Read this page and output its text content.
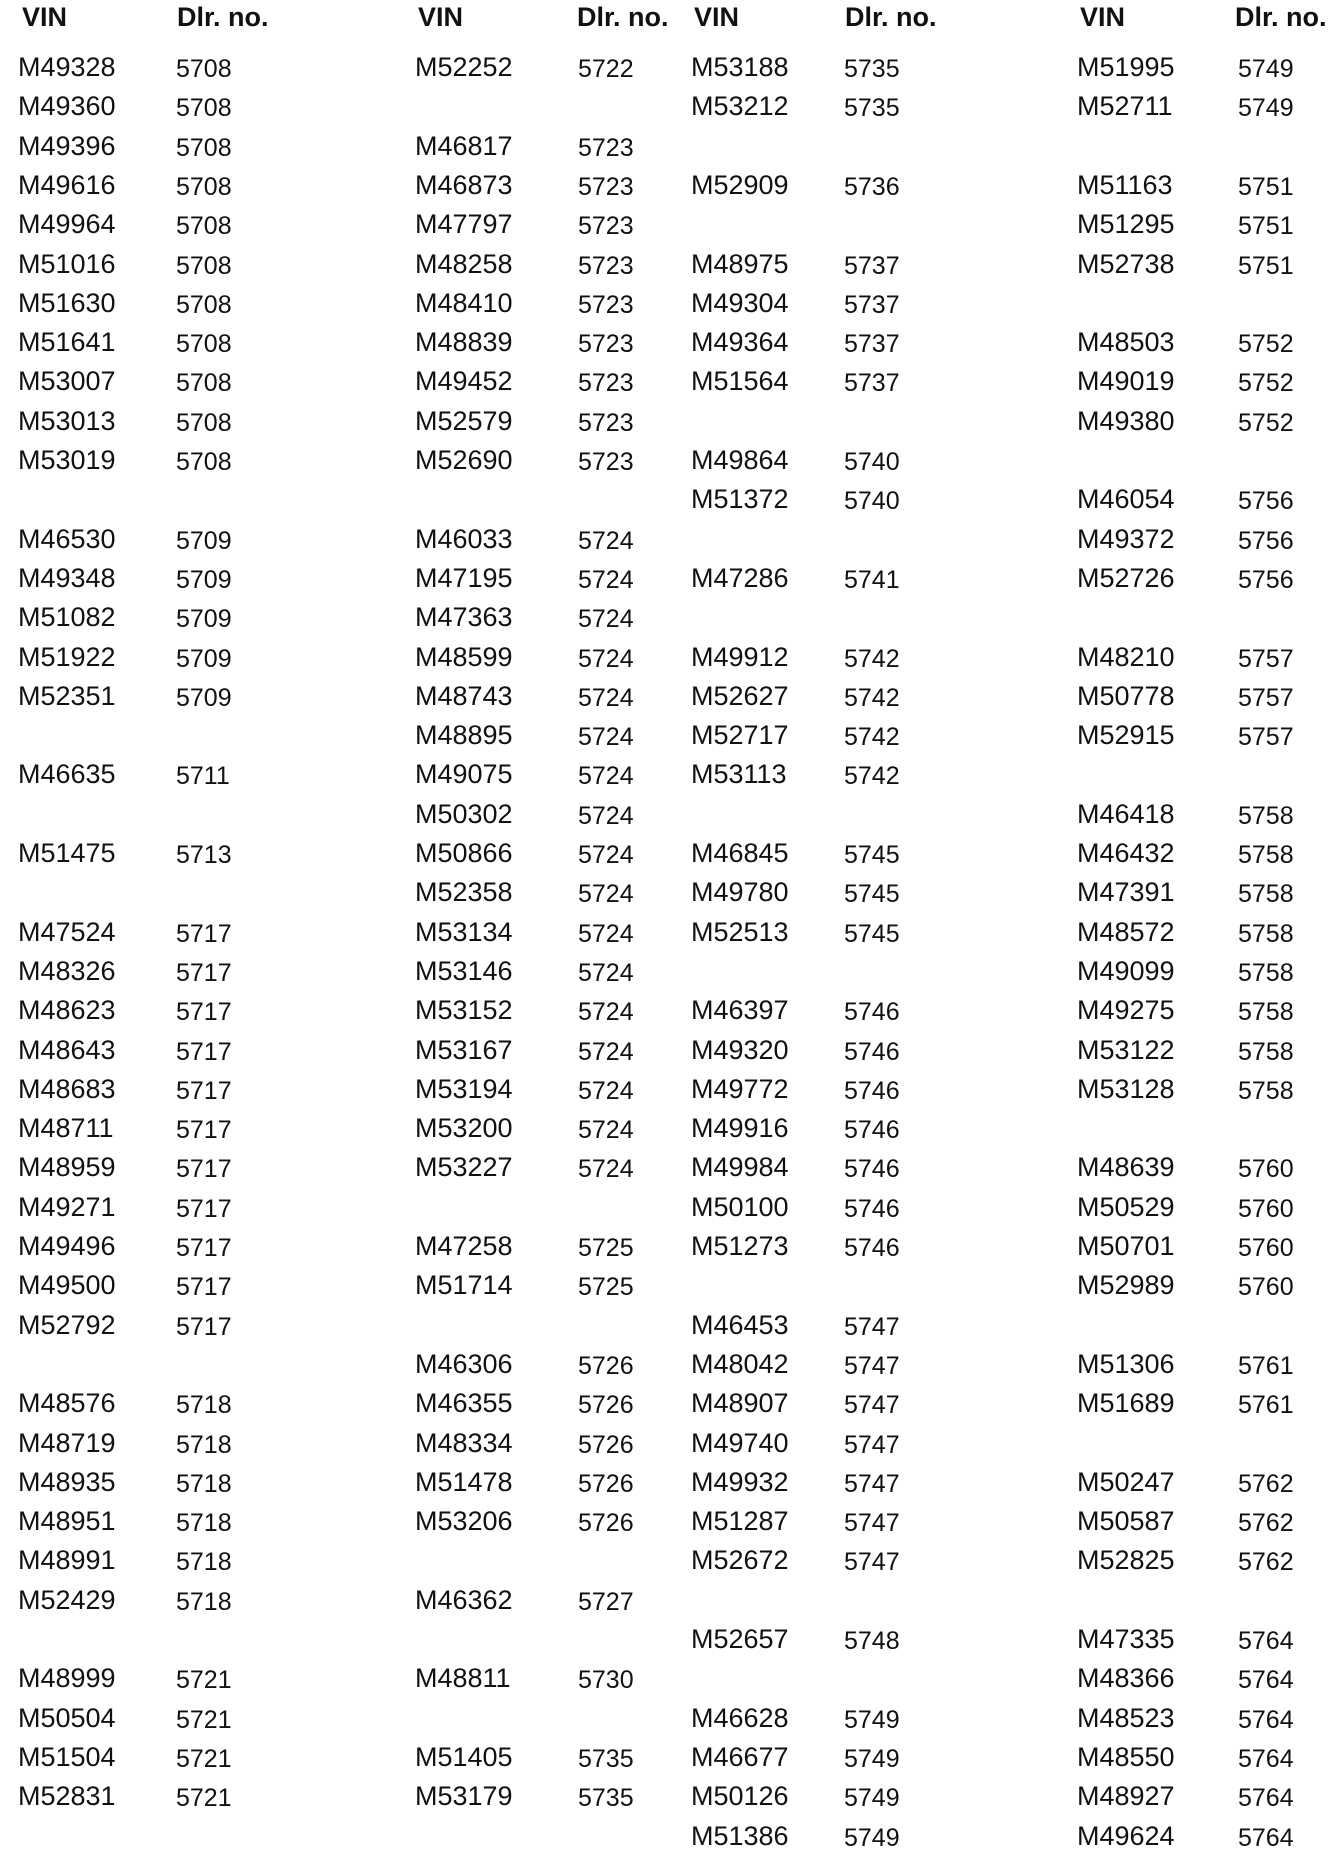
VIN	Dlr. no.
M49328 5708
M49360 5708
M49396 5708
M49616 5708
M49964 5708
M51016 5708
M51630 5708
M51641 5708
M53007 5708
M53013 5708
M53019 5708
M46530 5709
M49348 5709
M51082 5709
M51922 5709
M52351 5709
M46635 5711
M51475 5713
M47524 5717
M48326 5717
M48623 5717
M48643 5717
M48683 5717
M48711 5717
M48959 5717
M49271 5717
M49496 5717
M49500 5717
M52792 5717
M48576 5718
M48719 5718
M48935 5718
M48951 5718
M48991 5718
M52429 5718
M48999 5721
M50504 5721
M51504 5721
M52831 5721
VIN	Dlr. no.
M52252	5722
M46817	5723
M46873	5723
M47797	5723
M48258	5723
M48410	5723
M48839	5723
M49452	5723
M52579	5723
M52690	5723
M46033	5724
M47195	5724
M47363	5724
M48599	5724
M48743	5724
M48895	5724
M49075	5724
M50302	5724
M50866	5724
M52358	5724
M53134	5724
M53146	5724
M53152	5724
M53167	5724
M53194	5724
M53200	5724
M53227	5724
M47258	5725
M51714	5725
M46306	5726
M46355	5726
M48334	5726
M51478	5726
M53206	5726
M46362	5727
M48811	5730
M51405	5735
M53179	5735
VIN	Dlr. no.
M53188 5735
M53212 5735
M52909 5736
M48975 5737
M49304 5737
M49364 5737
M51564 5737
M49864 5740
M51372 5740
M47286 5741
M49912 5742
M52627 5742
M52717 5742
M53113 5742
M46845 5745
M49780 5745
M52513 5745
M46397 5746
M49320 5746
M49772 5746
M49916 5746
M49984 5746
M50100 5746
M51273 5746
M46453 5747
M48042 5747
M48907 5747
M49740 5747
M49932 5747
M51287 5747
M52672 5747
M52657 5748
M46628 5749
M46677 5749
M50126 5749
M51386 5749
VIN	Dlr. no.
M51995	5749
M52711	5749
M51163	5751
M51295	5751
M52738	5751
M48503	5752
M49019	5752
M49380	5752
M46054	5756
M49372	5756
M52726	5756
M48210	5757
M50778	5757
M52915	5757
M46418	5758
M46432	5758
M47391	5758
M48572	5758
M49099	5758
M49275	5758
M53122	5758
M53128	5758
M48639	5760
M50529	5760
M50701	5760
M52989	5760
M51306	5761
M51689	5761
M50247	5762
M50587	5762
M52825	5762
M47335	5764
M48366	5764
M48523	5764
M48550	5764
M48927	5764
M49624	5764
